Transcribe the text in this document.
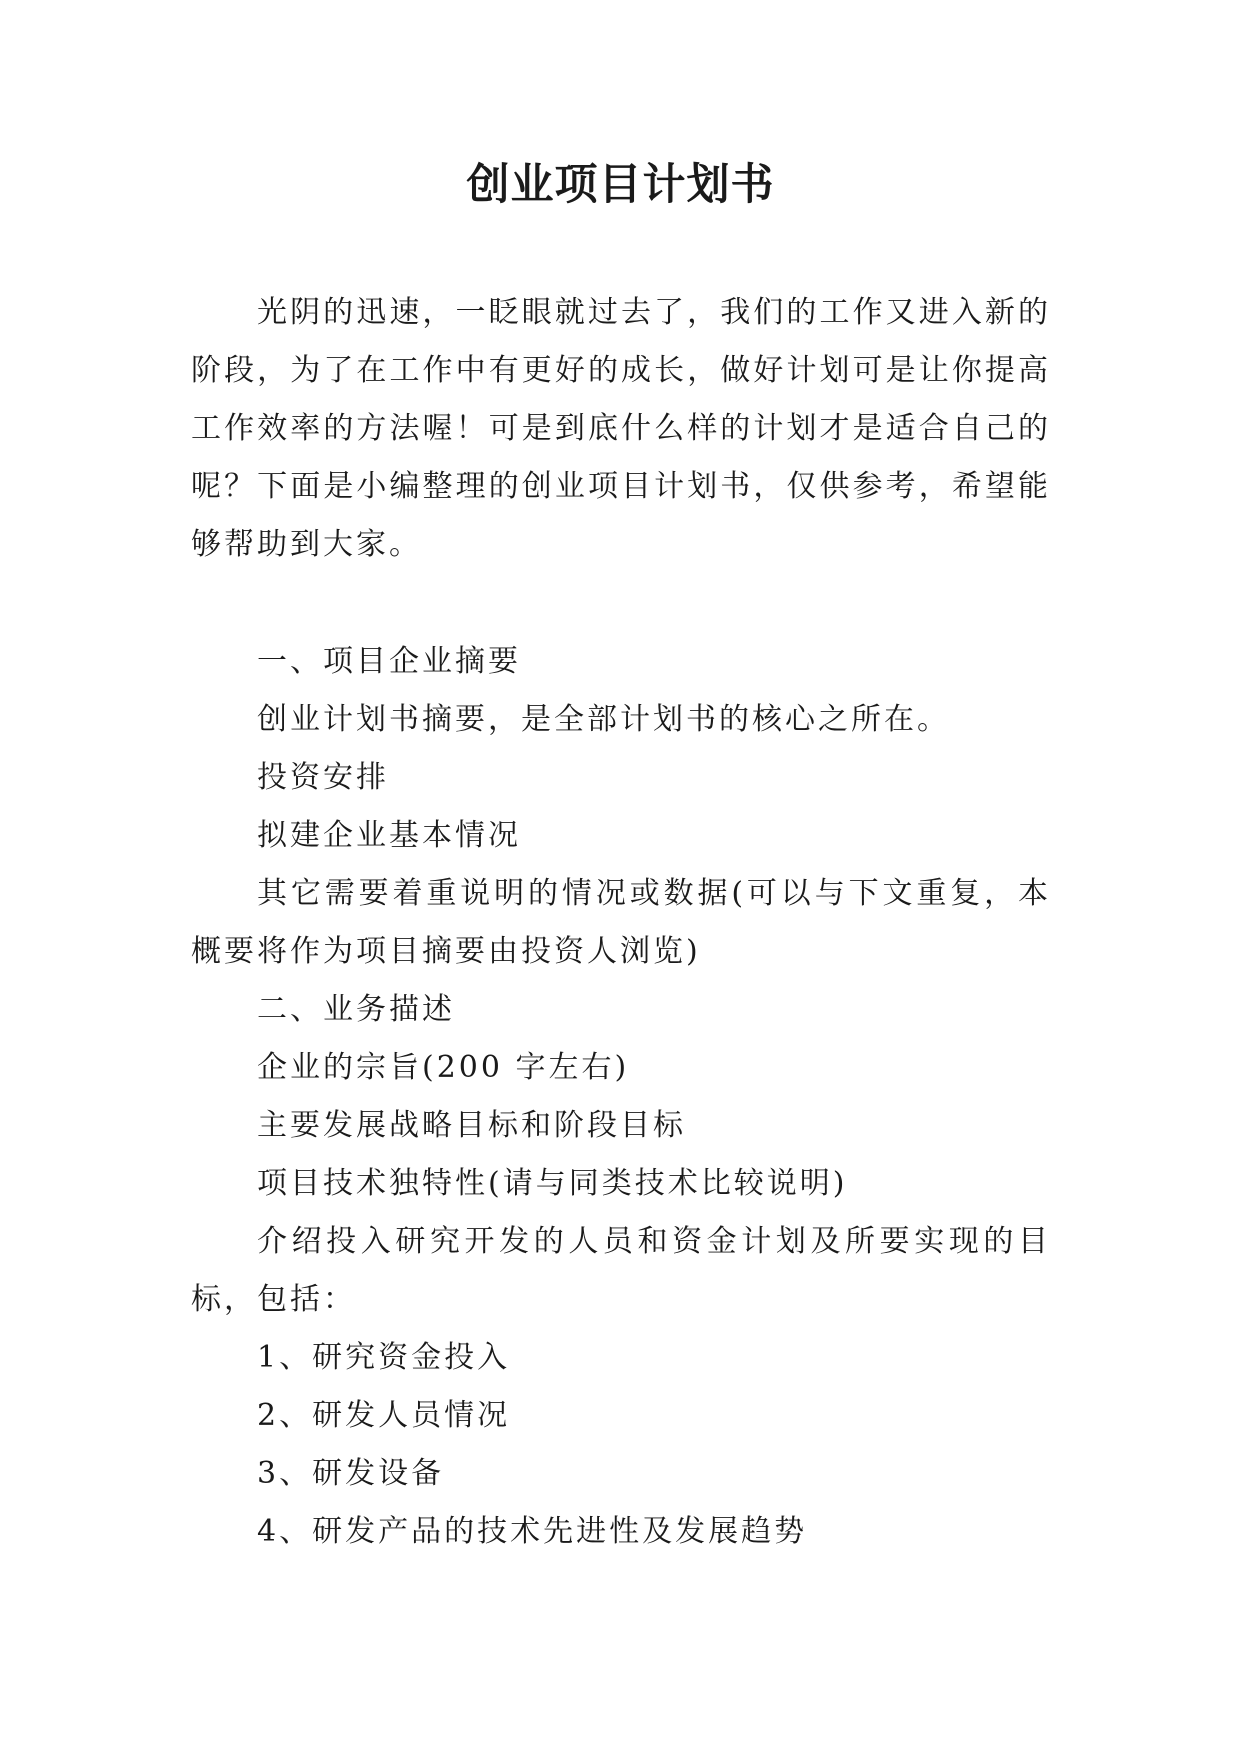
创业项目计划书

光阴的迅速，一眨眼就过去了，我们的工作又进入新的阶段，为了在工作中有更好的成长，做好计划可是让你提高工作效率的方法喔！可是到底什么样的计划才是适合自己的呢？下面是小编整理的创业项目计划书，仅供参考，希望能够帮助到大家。

一、项目企业摘要

创业计划书摘要，是全部计划书的核心之所在。

投资安排

拟建企业基本情况

其它需要着重说明的情况或数据(可以与下文重复，本概要将作为项目摘要由投资人浏览)

二、业务描述

企业的宗旨(200 字左右)

主要发展战略目标和阶段目标

项目技术独特性(请与同类技术比较说明)

介绍投入研究开发的人员和资金计划及所要实现的目标，包括：

1、研究资金投入

2、研发人员情况

3、研发设备

4、研发产品的技术先进性及发展趋势
